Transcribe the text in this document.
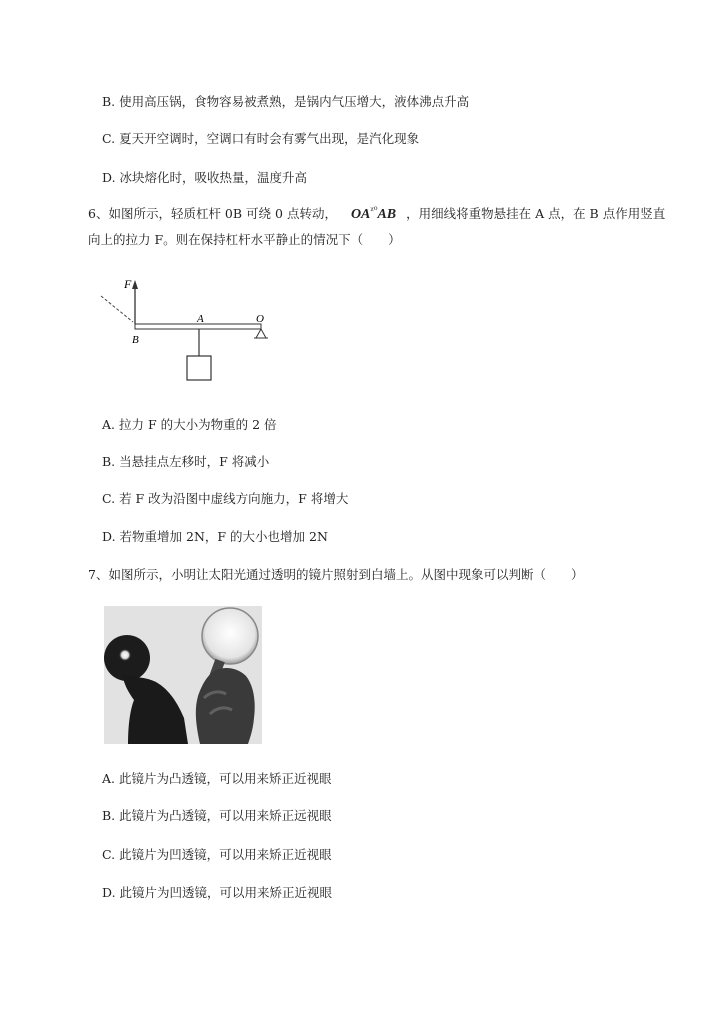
B. 使用高压锅，食物容易被煮熟，是锅内气压增大，液体沸点升高
C. 夏天开空调时，空调口有时会有雾气出现，是汽化现象
D. 冰块熔化时，吸收热量，温度升高
6、如图所示，轻质杠杆 0B 可绕 0 点转动， $OA^{ᵡ^0}AB$ ，用细线将重物悬挂在 A 点，在 B 点作用竖直
向上的拉力 F。则在保持杠杆水平静止的情况下（　　）
F
A	O
B
A. 拉力 F 的大小为物重的 2 倍
B. 当悬挂点左移时，F 将减小
C. 若 F 改为沿图中虚线方向施力，F 将增大
D. 若物重增加 2N，F 的大小也增加 2N
7、如图所示，小明让太阳光通过透明的镜片照射到白墙上。从图中现象可以判断（　　）
A. 此镜片为凸透镜，可以用来矫正近视眼
B. 此镜片为凸透镜，可以用来矫正远视眼
C. 此镜片为凹透镜，可以用来矫正近视眼
D. 此镜片为凹透镜，可以用来矫正近视眼
